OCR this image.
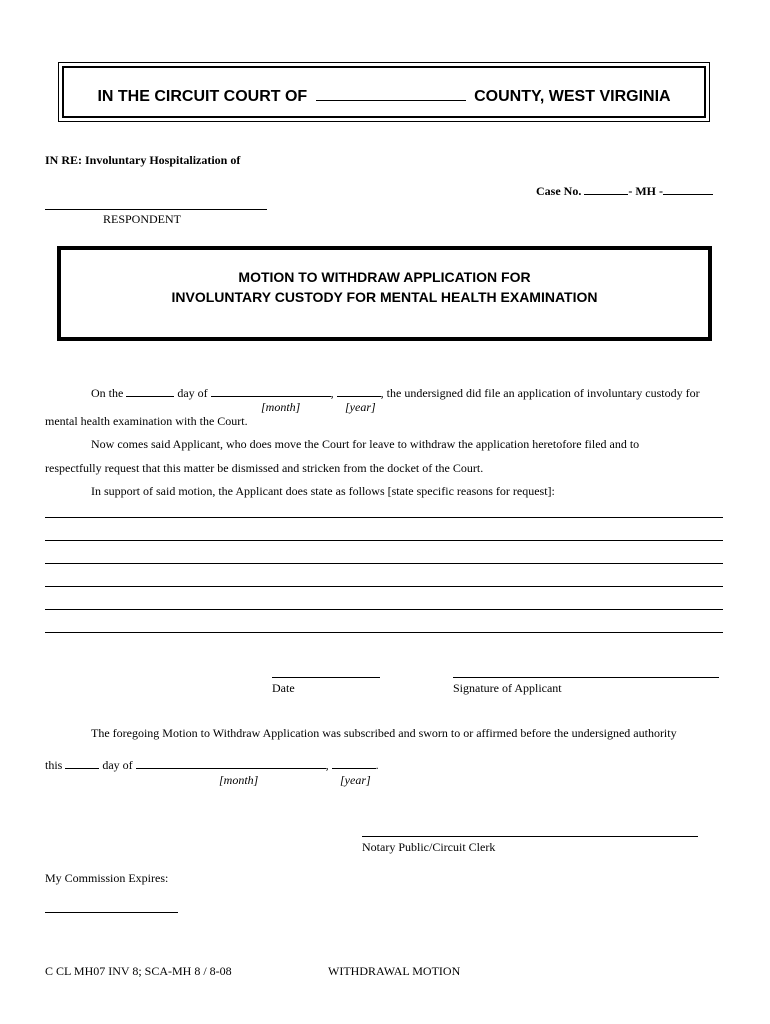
IN THE CIRCUIT COURT OF	COUNTY, WEST VIRGINIA
IN RE: Involuntary Hospitalization of
Case No.	- MH -
RESPONDENT
MOTION TO WITHDRAW APPLICATION FOR
INVOLUNTARY CUSTODY FOR MENTAL HEALTH EXAMINATION
On the	day of	,	, the undersigned did file an application of involuntary custody for
[month]	[year]
mental health examination with the Court.
Now comes said Applicant, who does move the Court for leave to withdraw the application heretofore filed and to
respectfully request that this matter be dismissed and stricken from the docket of the Court.
In support of said motion, the Applicant does state as follows [state specific reasons for request]:
Date	Signature of Applicant
The foregoing Motion to Withdraw Application was subscribed and sworn to or affirmed before the undersigned authority
this	day of	,	.
[month]	[year]
Notary Public/Circuit Clerk
My Commission Expires:
C CL MH07 INV 8; SCA-MH 8 / 8-08	WITHDRAWAL MOTION
